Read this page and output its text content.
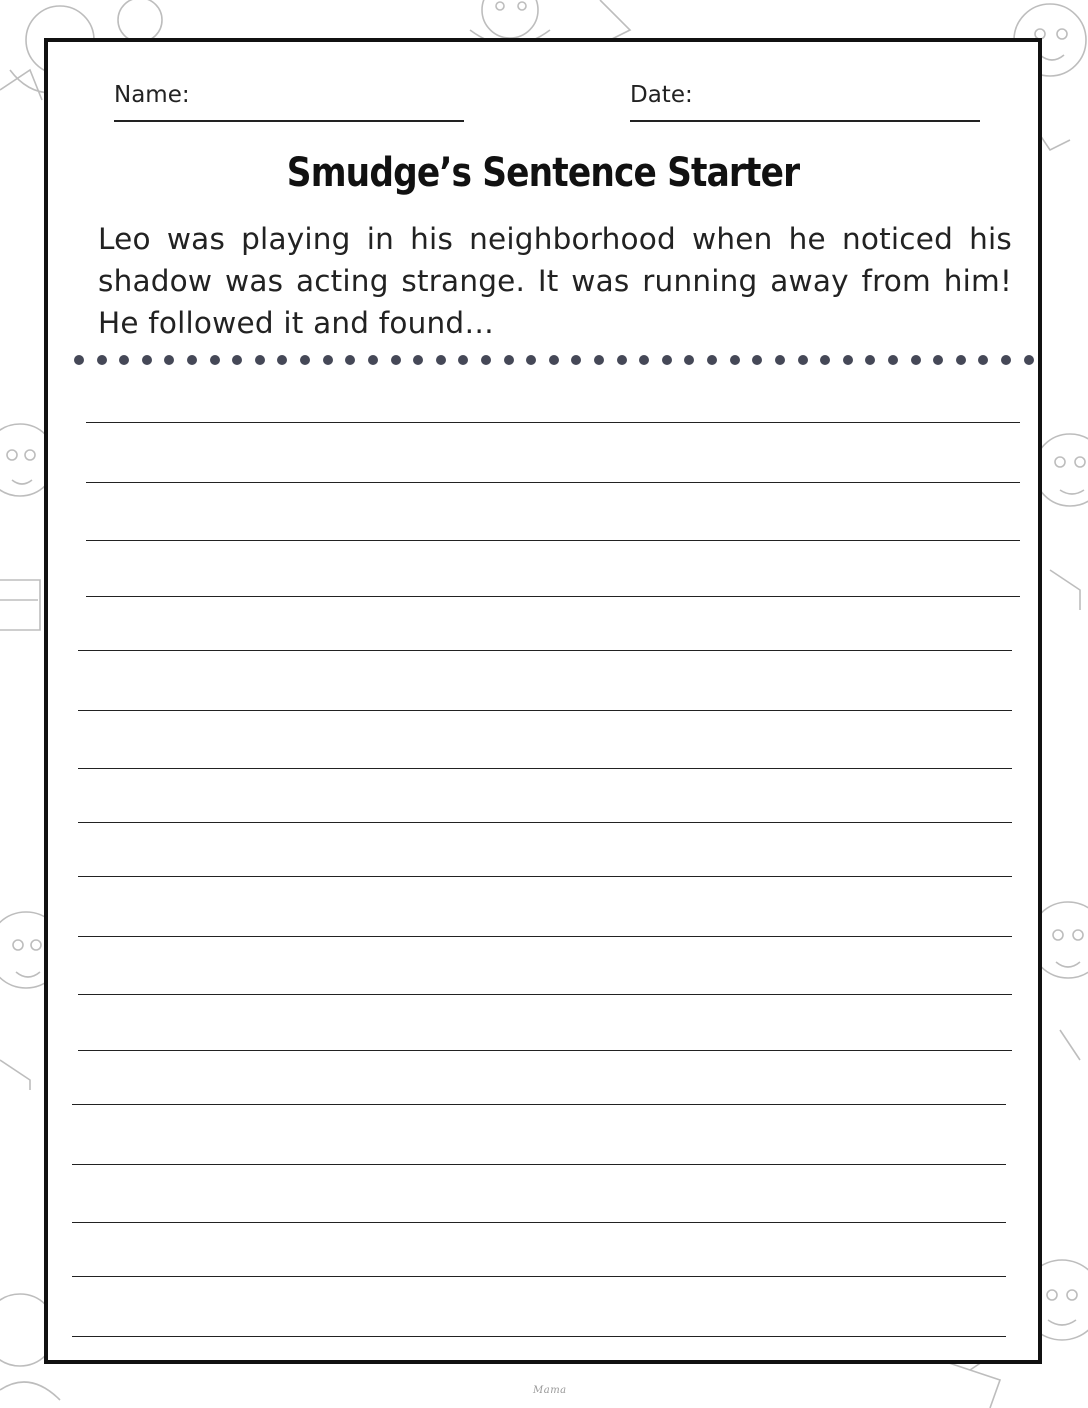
Name:	Date:
Smudge’s Sentence Starter
Leo was playing in his neighborhood when he noticed his shadow was acting strange. It was running away from him! He followed it and found…
Mama
